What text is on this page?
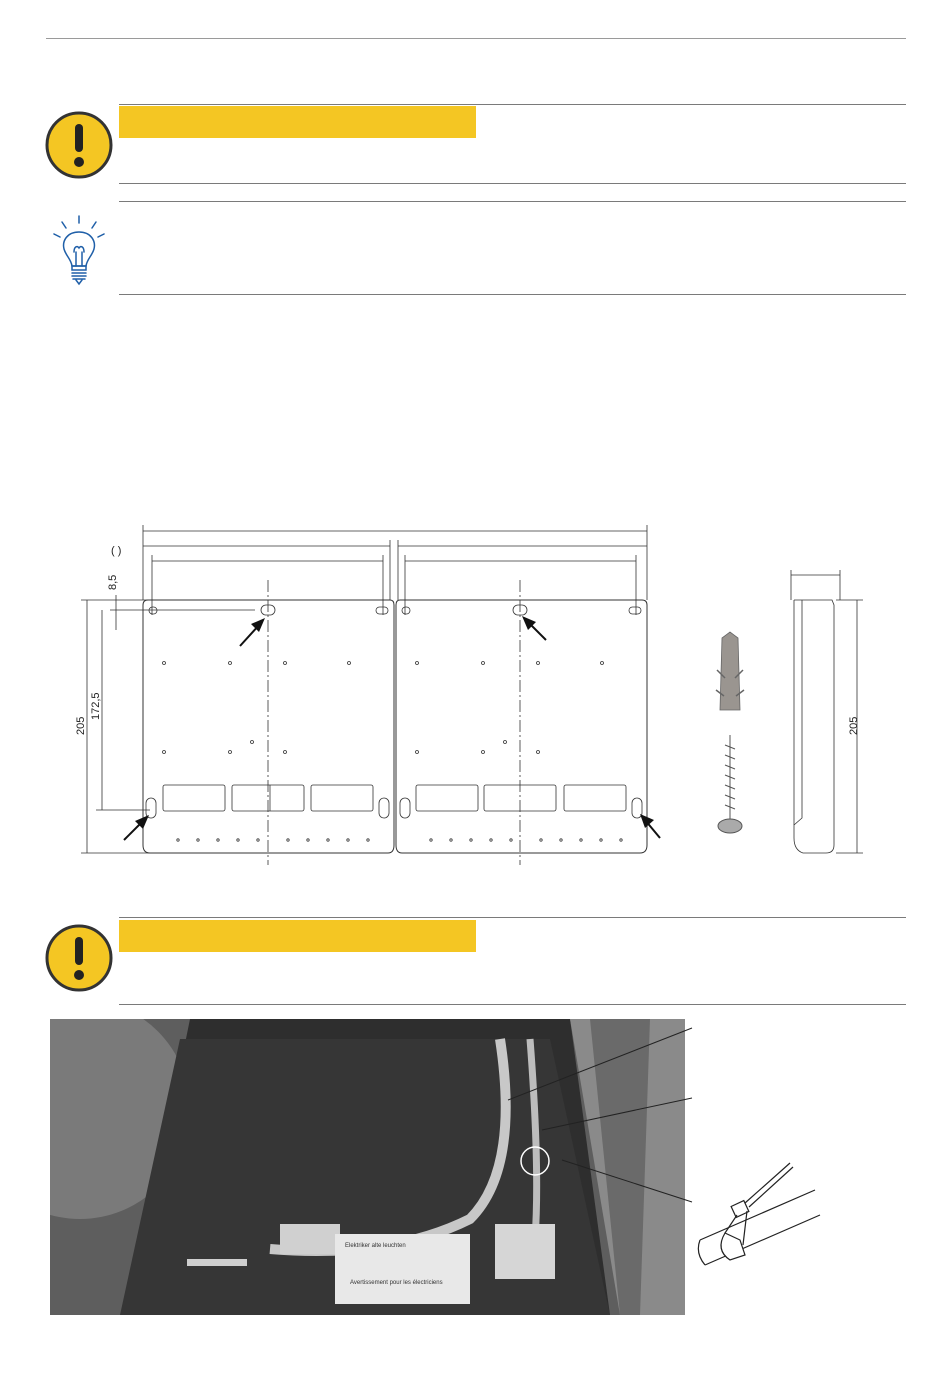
( )
8,5
205
172,5
205
Elektriker alte leuchten
Avertissement pour les électriciens
